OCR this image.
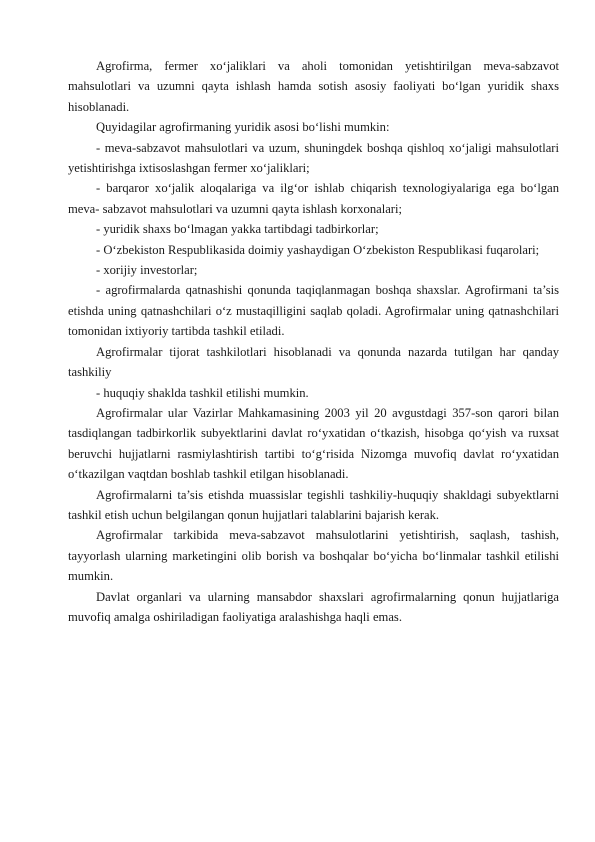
Agrofirma, fermer xo‘jaliklari va aholi tomonidan yetishtirilgan meva-sabzavot mahsulotlari va uzumni qayta ishlash hamda sotish asosiy faoliyati bo‘lgan yuridik shaxs hisoblanadi.

Quyidagilar agrofirmaning yuridik asosi bo‘lishi mumkin:

- meva-sabzavot mahsulotlari va uzum, shuningdek boshqa qishloq xo‘jaligi mahsulotlari yetishtirishga ixtisoslashgan fermer xo‘jaliklari;

- barqaror xo‘jalik aloqalariga va ilg‘or ishlab chiqarish texnologiyalariga ega bo‘lgan meva- sabzavot mahsulotlari va uzumni qayta ishlash korxonalari;

- yuridik shaxs bo‘lmagan yakka tartibdagi tadbirkorlar;

- O‘zbekiston Respublikasida doimiy yashaydigan O‘zbekiston Respublikasi fuqarolari;

- xorijiy investorlar;

- agrofirmalarda qatnashishi qonunda taqiqlanmagan boshqa shaxslar. Agrofirmani ta’sis etishda uning qatnashchilari o‘z mustaqilligini saqlab qoladi. Agrofirmalar uning qatnashchilari tomonidan ixtiyoriy tartibda tashkil etiladi.

Agrofirmalar tijorat tashkilotlari hisoblanadi va qonunda nazarda tutilgan har qanday tashkiliy

- huquqiy shaklda tashkil etilishi mumkin.

Agrofirmalar ular Vazirlar Mahkamasining 2003 yil 20 avgustdagi 357-son qarori bilan tasdiqlangan tadbirkorlik subyektlarini davlat ro‘yxatidan o‘tkazish, hisobga qo‘yish va ruxsat beruvchi hujjatlarni rasmiylashtirish tartibi to‘g‘risida Nizomga muvofiq davlat ro‘yxatidan o‘tkazilgan vaqtdan boshlab tashkil etilgan hisoblanadi.

Agrofirmalarni ta’sis etishda muassislar tegishli tashkiliy-huquqiy shakldagi subyektlarni tashkil etish uchun belgilangan qonun hujjatlari talablarini bajarish kerak.

Agrofirmalar tarkibida meva-sabzavot mahsulotlarini yetishtirish, saqlash, tashish, tayyorlash ularning marketingini olib borish va boshqalar bo‘yicha bo‘linmalar tashkil etilishi mumkin.

Davlat organlari va ularning mansabdor shaxslari agrofirmalarning qonun hujjatlariga muvofiq amalga oshiriladigan faoliyatiga aralashishga haqli emas.
